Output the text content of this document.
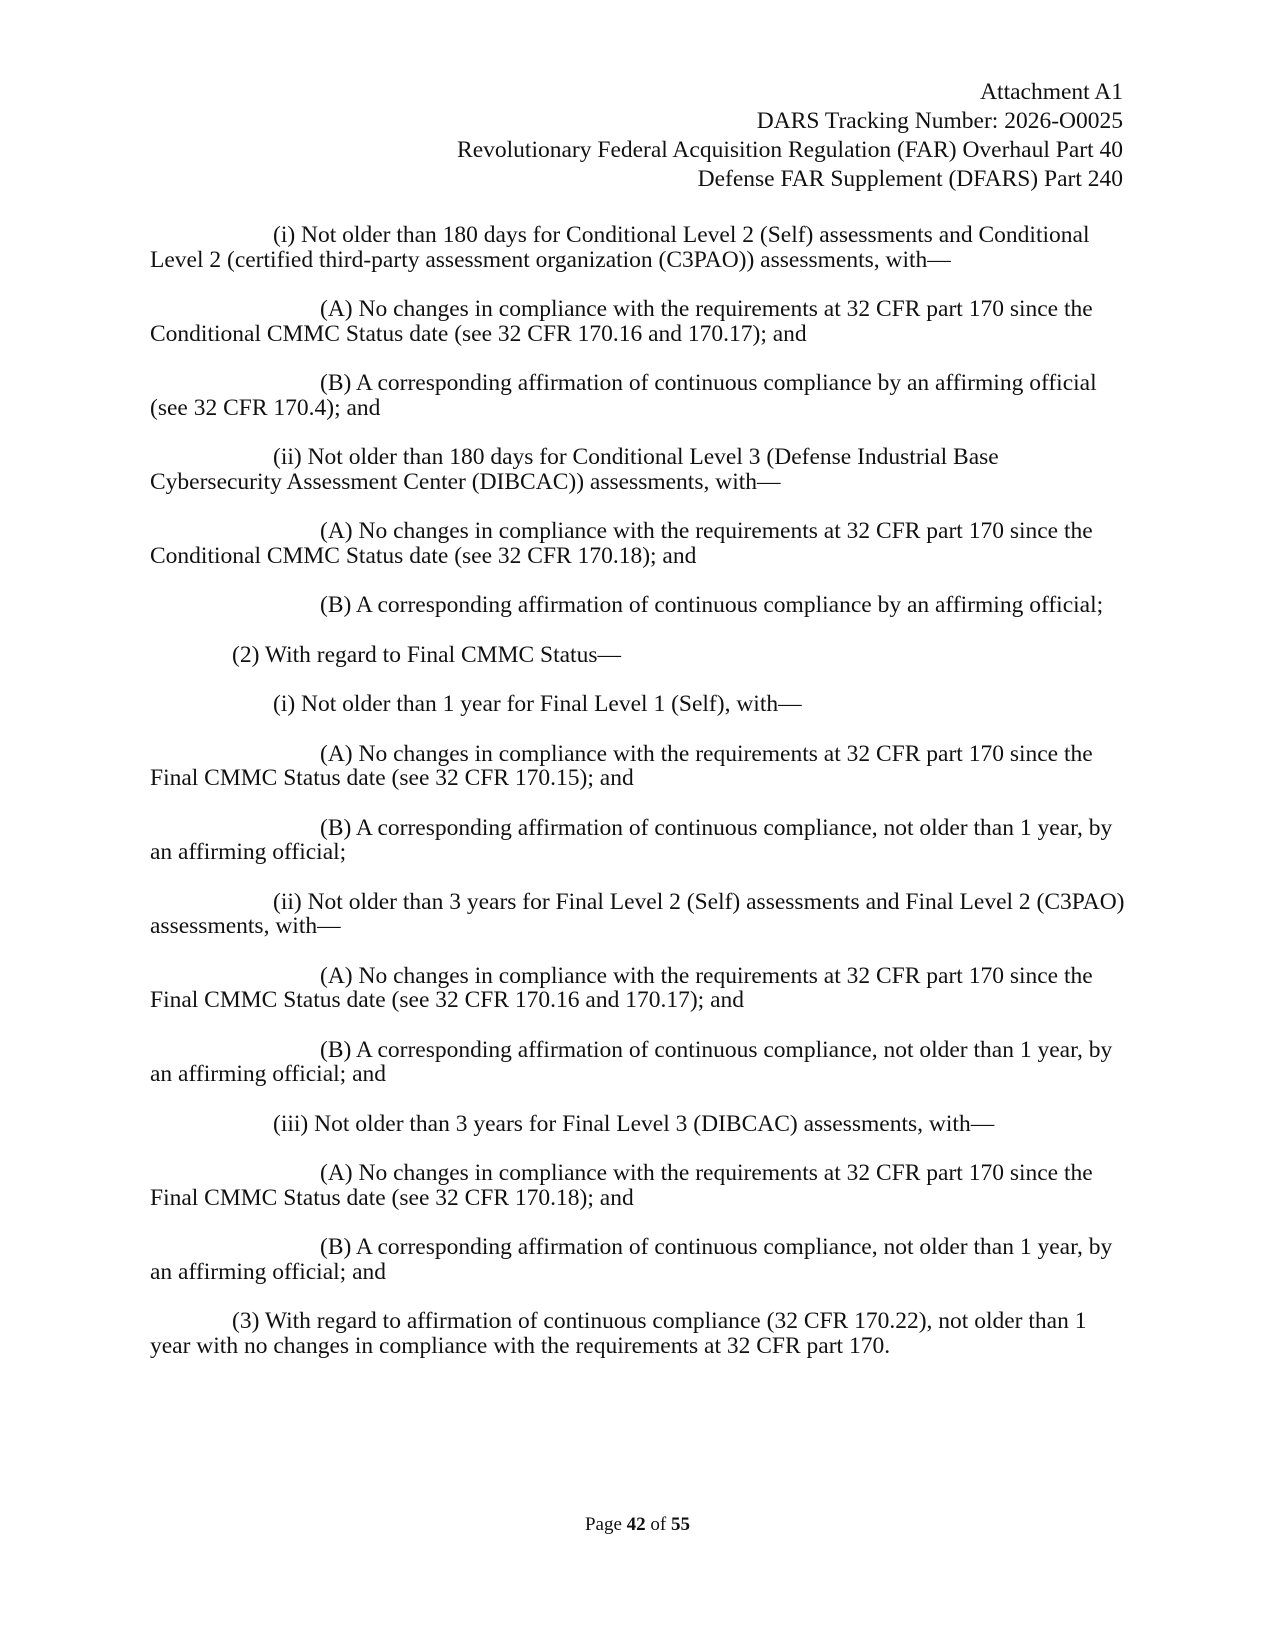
Attachment A1
DARS Tracking Number: 2026-O0025
Revolutionary Federal Acquisition Regulation (FAR) Overhaul Part 40
Defense FAR Supplement (DFARS) Part 240

(i) Not older than 180 days for Conditional Level 2 (Self) assessments and Conditional Level 2 (certified third-party assessment organization (C3PAO)) assessments, with—

(A) No changes in compliance with the requirements at 32 CFR part 170 since the Conditional CMMC Status date (see 32 CFR 170.16 and 170.17); and

(B) A corresponding affirmation of continuous compliance by an affirming official (see 32 CFR 170.4); and

(ii) Not older than 180 days for Conditional Level 3 (Defense Industrial Base Cybersecurity Assessment Center (DIBCAC)) assessments, with—

(A) No changes in compliance with the requirements at 32 CFR part 170 since the Conditional CMMC Status date (see 32 CFR 170.18); and

(B) A corresponding affirmation of continuous compliance by an affirming official;

(2) With regard to Final CMMC Status—

(i) Not older than 1 year for Final Level 1 (Self), with—

(A) No changes in compliance with the requirements at 32 CFR part 170 since the Final CMMC Status date (see 32 CFR 170.15); and

(B) A corresponding affirmation of continuous compliance, not older than 1 year, by an affirming official;

(ii) Not older than 3 years for Final Level 2 (Self) assessments and Final Level 2 (C3PAO) assessments, with—

(A) No changes in compliance with the requirements at 32 CFR part 170 since the Final CMMC Status date (see 32 CFR 170.16 and 170.17); and

(B) A corresponding affirmation of continuous compliance, not older than 1 year, by an affirming official; and

(iii) Not older than 3 years for Final Level 3 (DIBCAC) assessments, with—

(A) No changes in compliance with the requirements at 32 CFR part 170 since the Final CMMC Status date (see 32 CFR 170.18); and

(B) A corresponding affirmation of continuous compliance, not older than 1 year, by an affirming official; and

(3) With regard to affirmation of continuous compliance (32 CFR 170.22), not older than 1 year with no changes in compliance with the requirements at 32 CFR part 170.

Page 42 of 55
